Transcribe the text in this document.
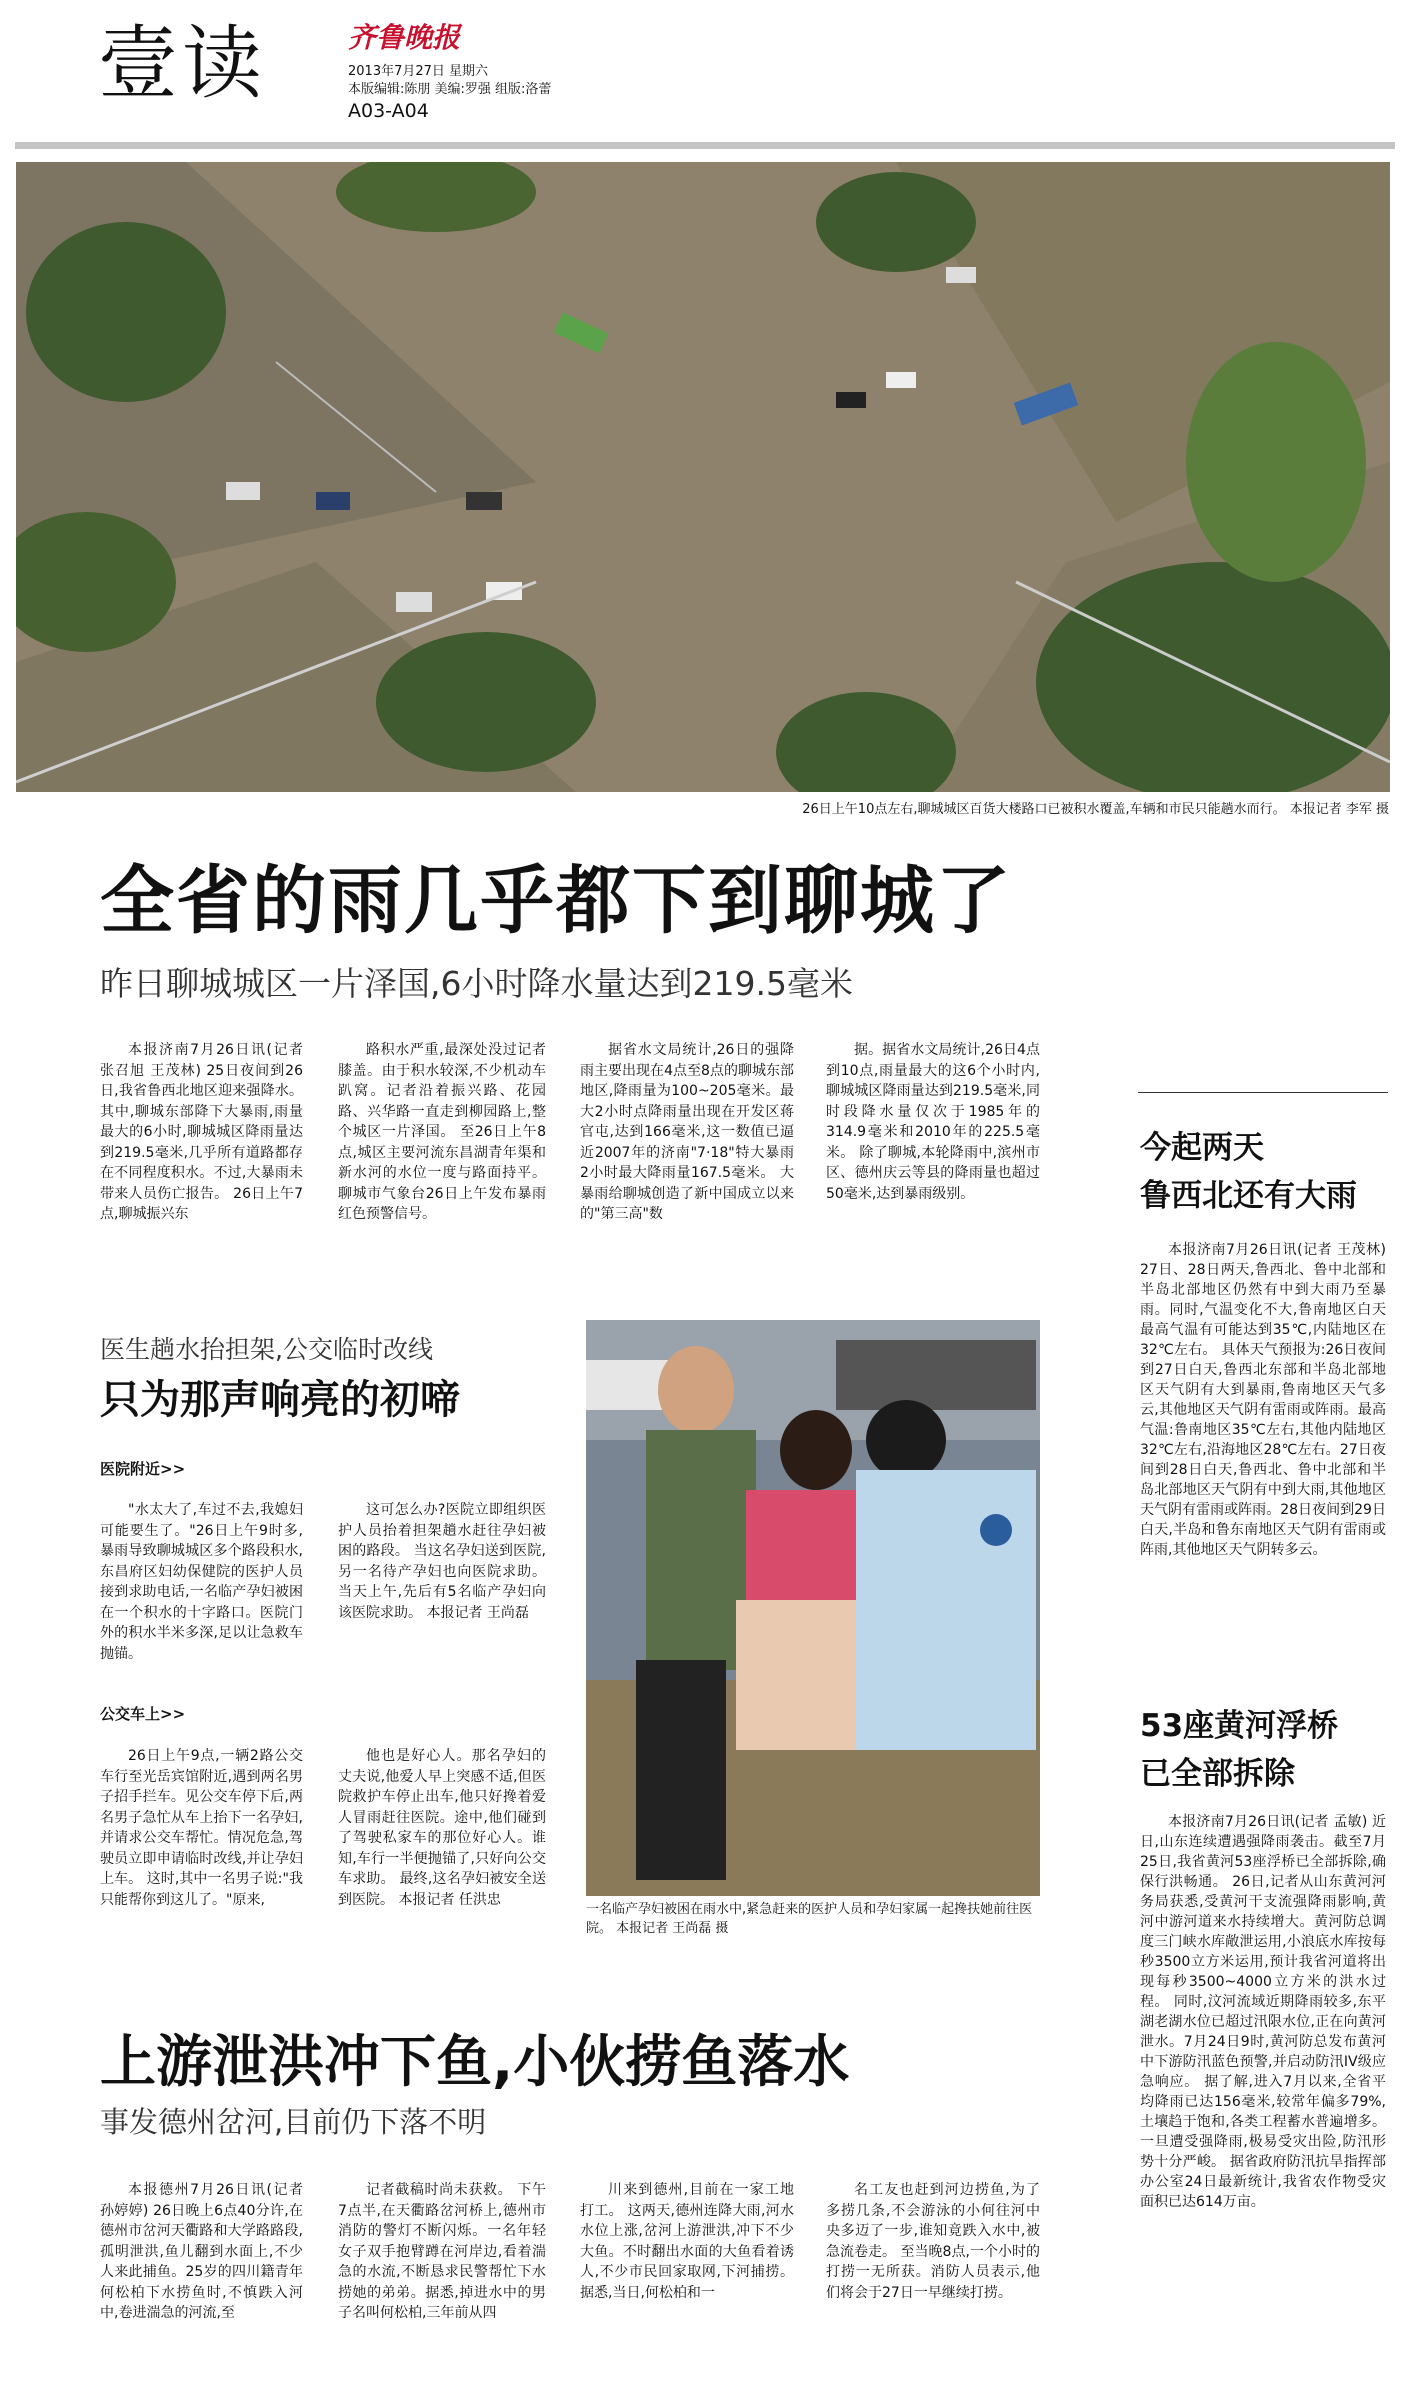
壹读	齐鲁晚报
2013年7月27日 星期六
本版编辑:陈朋 美编:罗强 组版:洛蕾
A03-A04
26日上午10点左右,聊城城区百货大楼路口已被积水覆盖,车辆和市民只能趟水而行。 本报记者 李军 摄
全省的雨几乎都下到聊城了
昨日聊城城区一片泽国,6小时降水量达到219.5毫米

本报济南7月26日讯(记者 张召旭 王茂林) 25日夜间到26日,我省鲁西北地区迎来强降水。其中,聊城东部降下大暴雨,雨量最大的6小时,聊城城区降雨量达到219.5毫米,几乎所有道路都存在不同程度积水。不过,大暴雨未带来人员伤亡报告。 26日上午7点,聊城振兴东

路积水严重,最深处没过记者膝盖。由于积水较深,不少机动车趴窝。记者沿着振兴路、花园路、兴华路一直走到柳园路上,整个城区一片泽国。 至26日上午8点,城区主要河流东昌湖青年渠和新水河的水位一度与路面持平。 聊城市气象台26日上午发布暴雨红色预警信号。

据省水文局统计,26日的强降雨主要出现在4点至8点的聊城东部地区,降雨量为100~205毫米。最大2小时点降雨量出现在开发区蒋官屯,达到166毫米,这一数值已逼近2007年的济南"7·18"特大暴雨2小时最大降雨量167.5毫米。 大暴雨给聊城创造了新中国成立以来的"第三高"数

据。据省水文局统计,26日4点到10点,雨量最大的这6个小时内,聊城城区降雨量达到219.5毫米,同时段降水量仅次于1985年的314.9毫米和2010年的225.5毫米。 除了聊城,本轮降雨中,滨州市区、德州庆云等县的降雨量也超过50毫米,达到暴雨级别。

医生趟水抬担架,公交临时改线
只为那声响亮的初啼
医院附近>>

"水太大了,车过不去,我媳妇可能要生了。"26日上午9时多,暴雨导致聊城城区多个路段积水,东昌府区妇幼保健院的医护人员接到求助电话,一名临产孕妇被困在一个积水的十字路口。医院门外的积水半米多深,足以让急救车抛锚。

这可怎么办?医院立即组织医护人员抬着担架趟水赶往孕妇被困的路段。 当这名孕妇送到医院,另一名待产孕妇也向医院求助。 当天上午,先后有5名临产孕妇向该医院求助。 本报记者 王尚磊

公交车上>>

26日上午9点,一辆2路公交车行至光岳宾馆附近,遇到两名男子招手拦车。见公交车停下后,两名男子急忙从车上抬下一名孕妇,并请求公交车帮忙。情况危急,驾驶员立即申请临时改线,并让孕妇上车。 这时,其中一名男子说:"我只能帮你到这儿了。"原来,

他也是好心人。那名孕妇的丈夫说,他爱人早上突感不适,但医院救护车停止出车,他只好搀着爱人冒雨赶往医院。途中,他们碰到了驾驶私家车的那位好心人。谁知,车行一半便抛锚了,只好向公交车求助。 最终,这名孕妇被安全送到医院。 本报记者 任洪忠

一名临产孕妇被困在雨水中,紧急赶来的医护人员和孕妇家属一起搀扶她前往医院。 本报记者 王尚磊 摄
上游泄洪冲下鱼,小伙捞鱼落水
事发德州岔河,目前仍下落不明

本报德州7月26日讯(记者 孙婷婷) 26日晚上6点40分许,在德州市岔河天衢路和大学路路段,孤明泄洪,鱼儿翻到水面上,不少人来此捕鱼。25岁的四川籍青年何松柏下水捞鱼时,不慎跌入河中,卷进湍急的河流,至

记者截稿时尚未获救。 下午7点半,在天衢路岔河桥上,德州市消防的警灯不断闪烁。一名年轻女子双手抱臂蹲在河岸边,看着湍急的水流,不断恳求民警帮忙下水捞她的弟弟。据悉,掉进水中的男子名叫何松柏,三年前从四

川来到德州,目前在一家工地打工。 这两天,德州连降大雨,河水水位上涨,岔河上游泄洪,冲下不少大鱼。不时翻出水面的大鱼看着诱人,不少市民回家取网,下河捕捞。 据悉,当日,何松柏和一

名工友也赶到河边捞鱼,为了多捞几条,不会游泳的小何往河中央多迈了一步,谁知竟跌入水中,被急流卷走。 至当晚8点,一个小时的打捞一无所获。消防人员表示,他们将会于27日一早继续打捞。

今起两天
鲁西北还有大雨

本报济南7月26日讯(记者 王茂林) 27日、28日两天,鲁西北、鲁中北部和半岛北部地区仍然有中到大雨乃至暴雨。同时,气温变化不大,鲁南地区白天最高气温有可能达到35℃,内陆地区在32℃左右。 具体天气预报为:26日夜间到27日白天,鲁西北东部和半岛北部地区天气阴有大到暴雨,鲁南地区天气多云,其他地区天气阴有雷雨或阵雨。最高气温:鲁南地区35℃左右,其他内陆地区32℃左右,沿海地区28℃左右。27日夜间到28日白天,鲁西北、鲁中北部和半岛北部地区天气阴有中到大雨,其他地区天气阴有雷雨或阵雨。28日夜间到29日白天,半岛和鲁东南地区天气阴有雷雨或阵雨,其他地区天气阴转多云。

53座黄河浮桥
已全部拆除

本报济南7月26日讯(记者 孟敏) 近日,山东连续遭遇强降雨袭击。截至7月25日,我省黄河53座浮桥已全部拆除,确保行洪畅通。 26日,记者从山东黄河河务局获悉,受黄河干支流强降雨影响,黄河中游河道来水持续增大。黄河防总调度三门峡水库敞泄运用,小浪底水库按每秒3500立方米运用,预计我省河道将出现每秒3500~4000立方米的洪水过程。 同时,汶河流域近期降雨较多,东平湖老湖水位已超过汛限水位,正在向黄河泄水。7月24日9时,黄河防总发布黄河中下游防汛蓝色预警,并启动防汛IV级应急响应。 据了解,进入7月以来,全省平均降雨已达156毫米,较常年偏多79%,土壤趋于饱和,各类工程蓄水普遍增多。一旦遭受强降雨,极易受灾出险,防汛形势十分严峻。 据省政府防汛抗旱指挥部办公室24日最新统计,我省农作物受灾面积已达614万亩。
